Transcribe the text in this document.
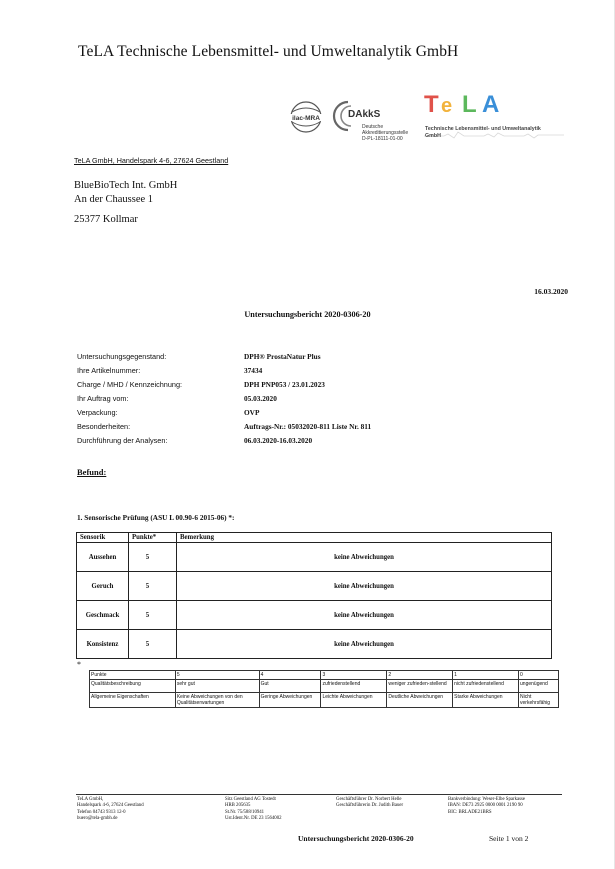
TeLA Technische Lebensmittel- und Umweltanalytik GmbH
ilac-MRA	DAkkS
Deutsche
Akkreditierungsstelle
D-PL-18111-01-00
T e L A
Technische Lebensmittel- und Umweltanalytik
GmbH
TeLA GmbH, Handelspark 4-6, 27624 Geestland
BlueBioTech Int. GmbH
An der Chaussee 1
25377 Kollmar
16.03.2020
Untersuchungsbericht 2020-0306-20
Untersuchungsgegenstand:	DPH® ProstaNatur Plus
Ihre Artikelnummer:	37434
Charge / MHD / Kennzeichnung:	DPH PNP053 / 23.01.2023
Ihr Auftrag vom:	05.03.2020
Verpackung:	OVP
Besonderheiten:	Auftrags-Nr.: 05032020-811 Liste Nr. 811
Durchführung der Analysen:	06.03.2020-16.03.2020
Befund:
1. Sensorische Prüfung (ASU L 00.90-6 2015-06) *:
Sensorik	Punkte*	Bemerkung
Aussehen	5	keine Abweichungen
Geruch	5	keine Abweichungen
Geschmack	5	keine Abweichungen
Konsistenz	5	keine Abweichungen
*
Punkte	5	4	3	2	1	0
Qualitätsbeschreibung	sehr gut	Gut	zufriedenstellend	weniger zufrieden-stellend	nicht zufriedenstellend	ungenügend
Allgemeine Eigenschaften	Keine Abweichungen von den Qualitätserwartungen	Geringe Abweichungen	Leichte Abweichungen	Deutliche Abweichungen	Starke Abweichungen	Nicht verkehrsfähig
TeLA GmbH,
Handelspark 4-6, 27624 Geestland
Telefon 04743 9313 12-0
buero@tela-gmbh.de
Sitz Geestland AG Tostedt
HRB 205635
St.Nr. 75/588/10941
Ust.Ident.Nr. DE 23 1564002
Geschäftsführer Dr. Norbert Helle
Geschäftsführerin Dr. Judith Bauer
Bankverbindung: Weser-Elbe Sparkasse
IBAN: DE73 2925 0000 0001 2190 90
BIC: BRLADE21BRS
Untersuchungsbericht 2020-0306-20	Seite 1 von 2
